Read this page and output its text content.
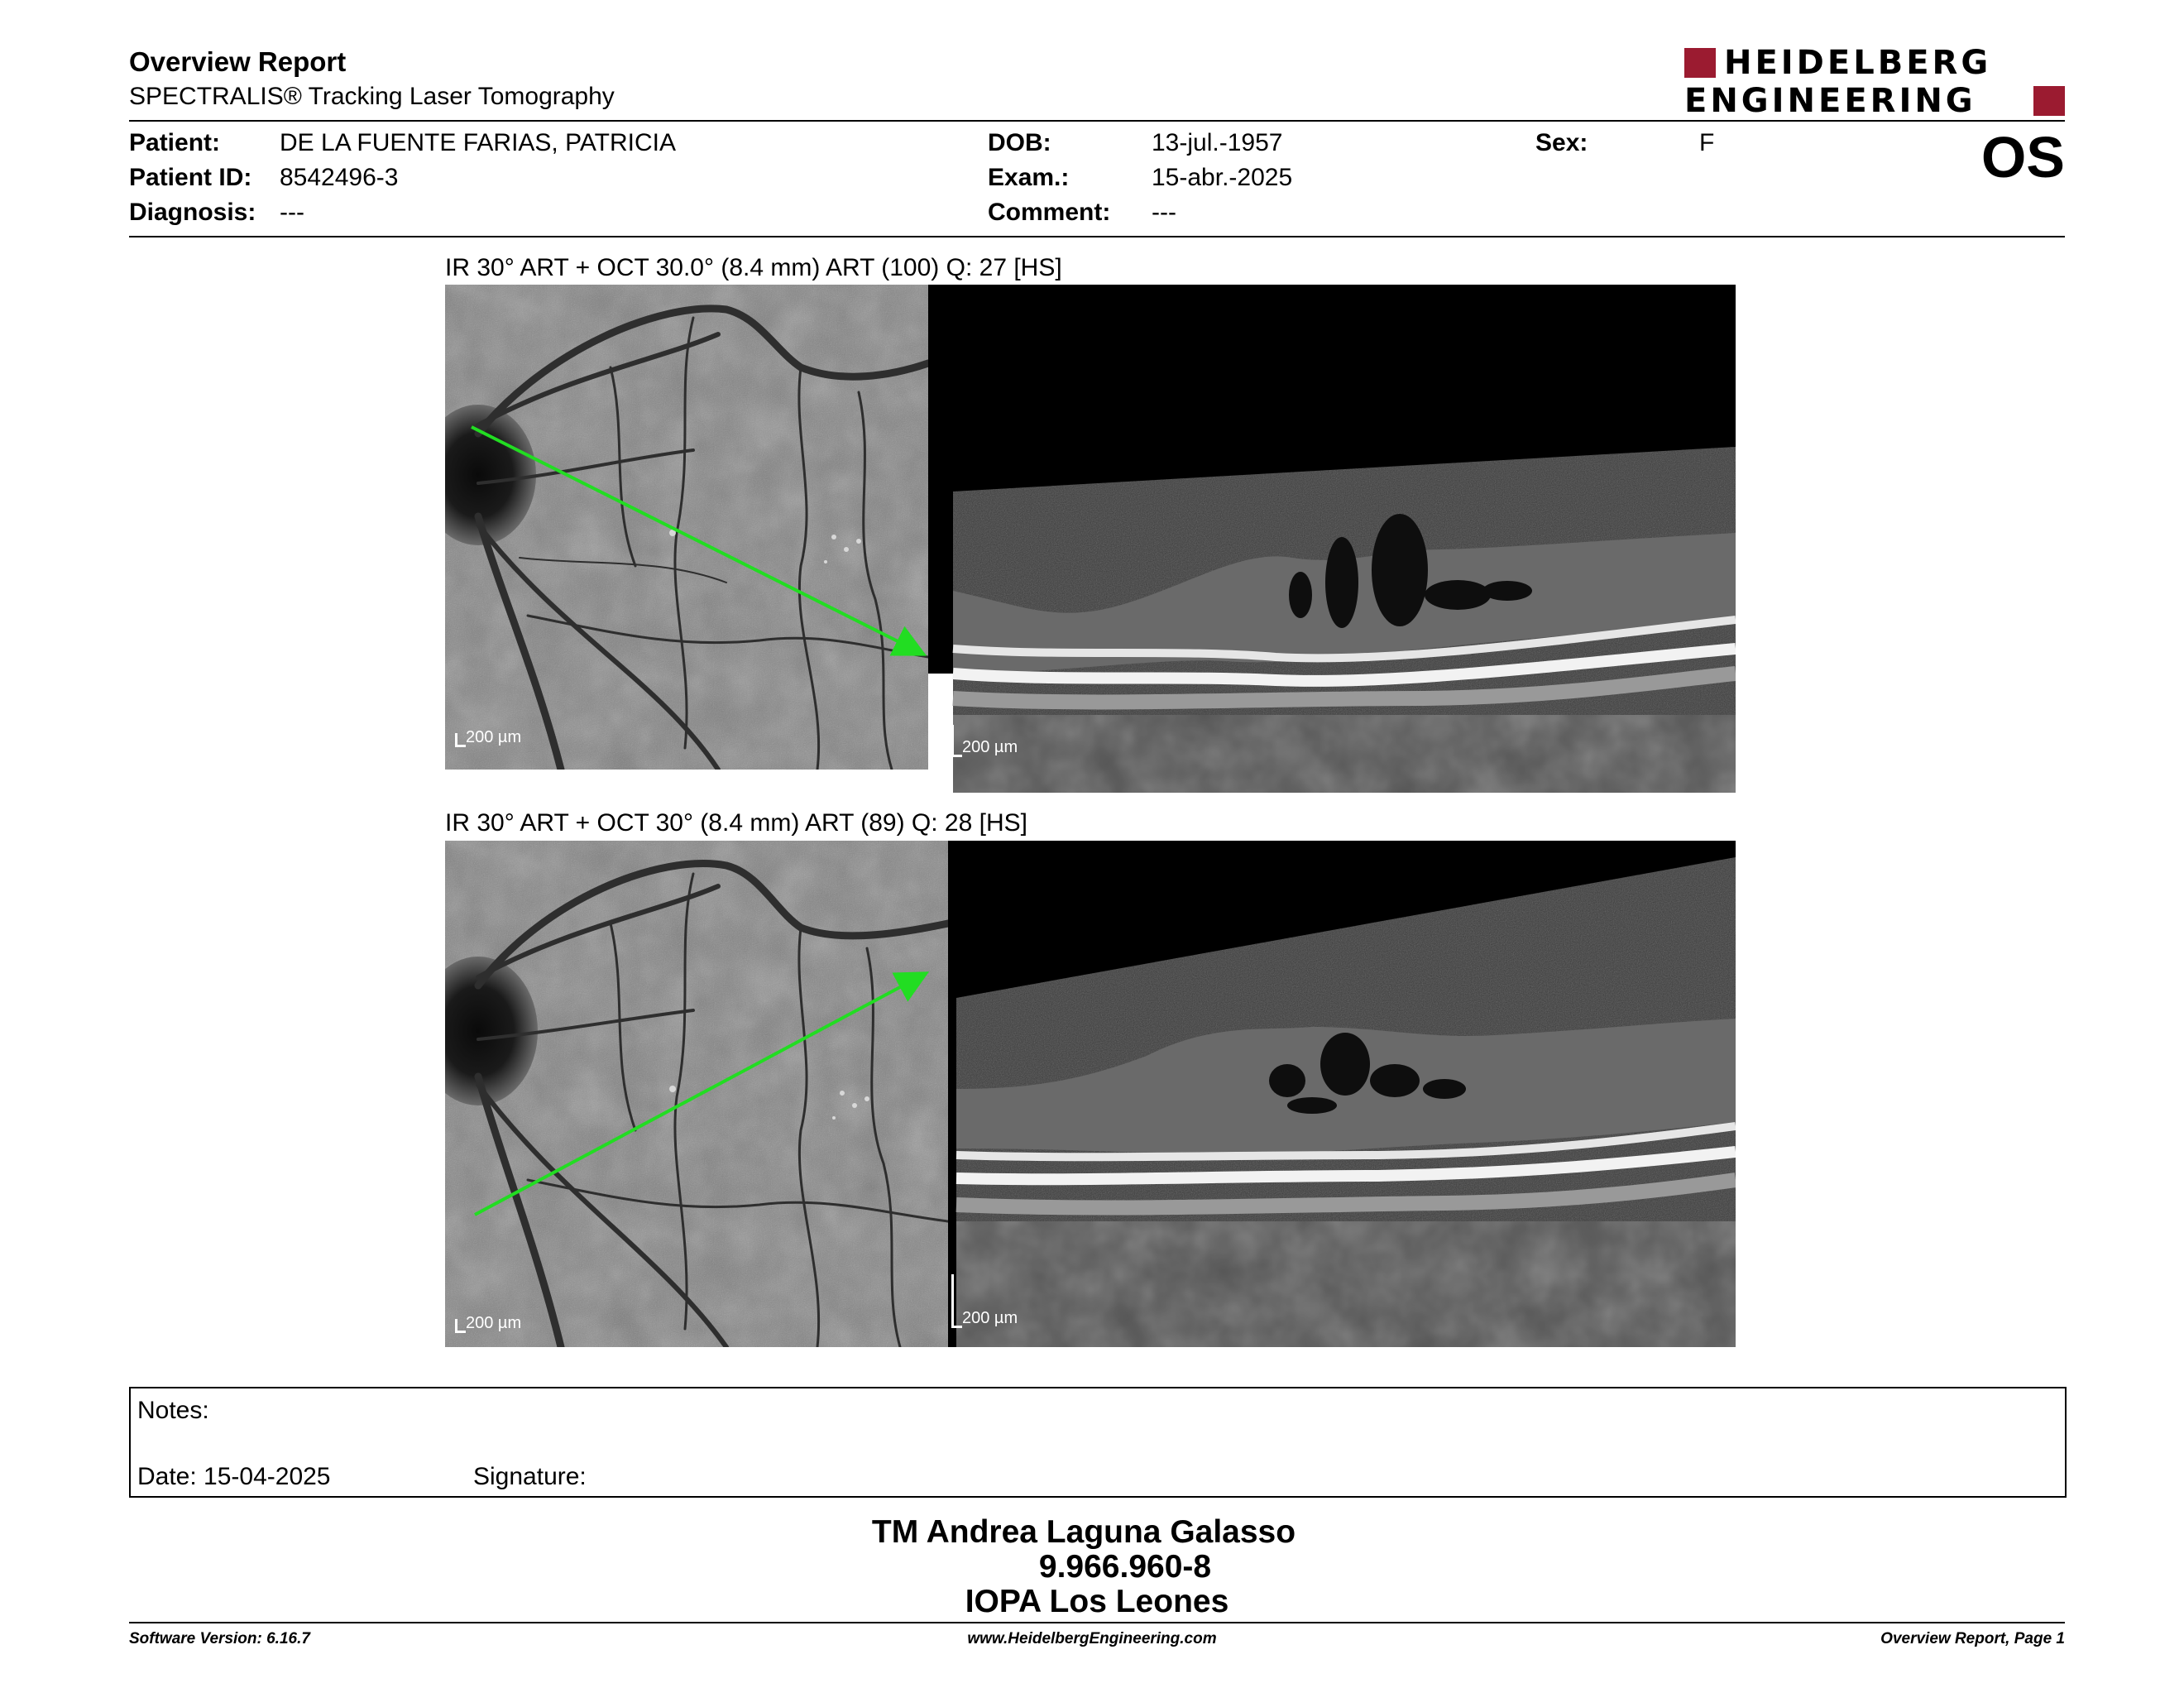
Overview Report
SPECTRALIS® Tracking Laser Tomography
HEIDELBERG
ENGINEERING
Patient: DE LA FUENTE FARIAS, PATRICIA
Patient ID: 8542496-3
Diagnosis: ---
DOB:	13-jul.-1957
Exam.:	15-abr.-2025
Comment: ---
Sex:	F	OS
IR 30° ART + OCT 30.0° (8.4 mm) ART (100) Q: 27 [HS]
200 µm
200 µm
IR 30° ART + OCT 30° (8.4 mm) ART (89) Q: 28 [HS]
200 µm	200 µm
Notes:
Date: 15-04-2025	Signature:
TM Andrea Laguna Galasso
9.966.960-8
IOPA Los Leones
Software Version: 6.16.7	www.HeidelbergEngineering.com	Overview Report, Page 1
